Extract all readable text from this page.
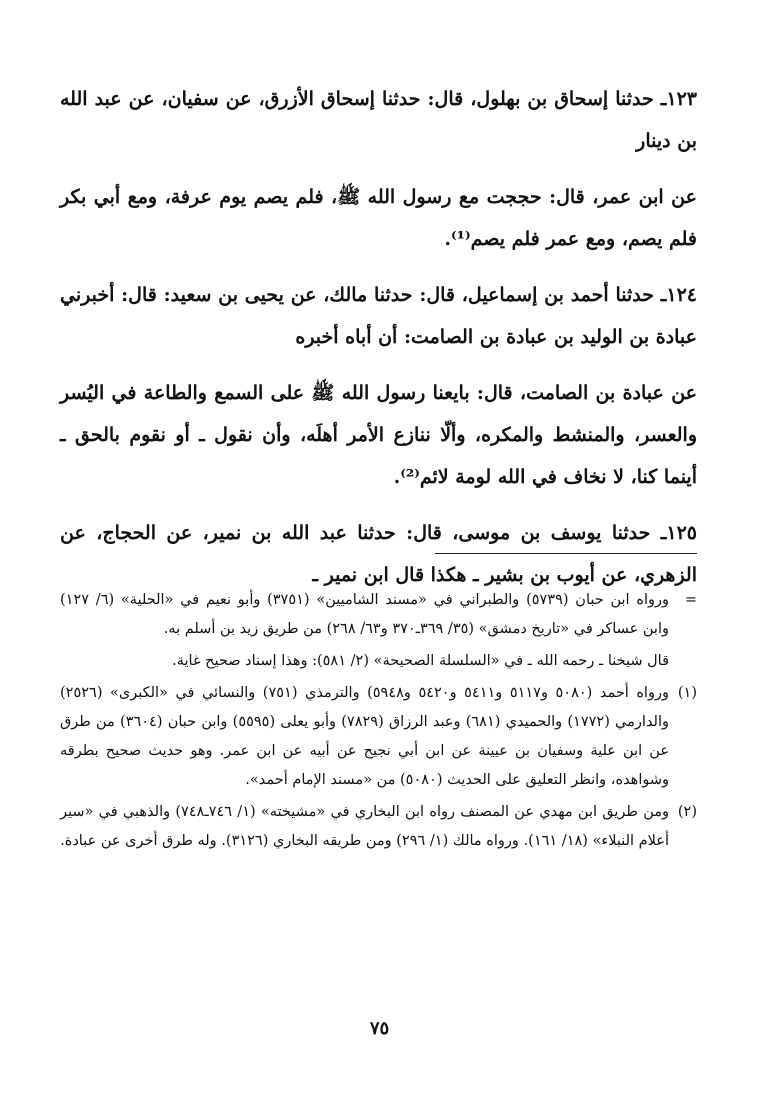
١٢٣ـ حدثنا إسحاق بن بهلول، قال: حدثنا إسحاق الأزرق، عن سفيان، عن عبد الله بن دينار

عن ابن عمر، قال: حججت مع رسول الله ﷺ، فلم يصم يوم عرفة، ومع أبي بكر فلم يصم، ومع عمر فلم يصم⁽¹⁾.

١٢٤ـ حدثنا أحمد بن إسماعيل، قال: حدثنا مالك، عن يحيى بن سعيد: قال: أخبرني عبادة بن الوليد بن عبادة بن الصامت: أن أباه أخبره

عن عبادة بن الصامت، قال: بايعنا رسول الله ﷺ على السمع والطاعة في اليُسر والعسر، والمنشط والمكره، وألّا ننازع الأمر أهلَه، وأن نقول ـ أو نقوم بالحق ـ أينما كنا، لا نخاف في الله لومة لائم⁽²⁾.

١٢٥ـ حدثنا يوسف بن موسى، قال: حدثنا عبد الله بن نمير، عن الحجاج، عن الزهري، عن أيوب بن بشير ـ هكذا قال ابن نمير ـ

=
ورواه ابن حبان (٥٧٣٩) والطبراني في «مسند الشاميين» (٣٧٥١) وأبو نعيم في «الحلية» (٦/ ١٢٧) وابن عساكر في «تاريخ دمشق» (٣٥/ ٣٦٩ـ٣٧٠ و٦٣/ ٢٦٨) من طريق زيد بن أسلم به.
قال شيخنا ـ رحمه الله ـ في «السلسلة الصحيحة» (٢/ ٥٨١): وهذا إسناد صحيح غاية.
(١)
ورواه أحمد (٥٠٨٠ و٥١١٧ و٥٤١١ و٥٤٢٠ و٥٩٤٨) والترمذي (٧٥١) والنسائي في «الكبرى» (٢٥٢٦) والدارمي (١٧٧٢) والحميدي (٦٨١) وعبد الرزاق (٧٨٢٩) وأبو يعلى (٥٥٩٥) وابن حبان (٣٦٠٤) من طرق عن ابن علية وسفيان بن عيينة عن ابن أبي نجيح عن أبيه عن ابن عمر. وهو حديث صحيح بطرقه وشواهده، وانظر التعليق على الحديث (٥٠٨٠) من «مسند الإمام أحمد».
(٢)
ومن طريق ابن مهدي عن المصنف رواه ابن البخاري في «مشيخته» (١/ ٧٤٦ـ٧٤٨) والذهبي في «سير أعلام النبلاء» (١٨/ ١٦١). ورواه مالك (١/ ٢٩٦) ومن طريقه البخاري (٣١٢٦). وله طرق أخرى عن عبادة.
٧٥
